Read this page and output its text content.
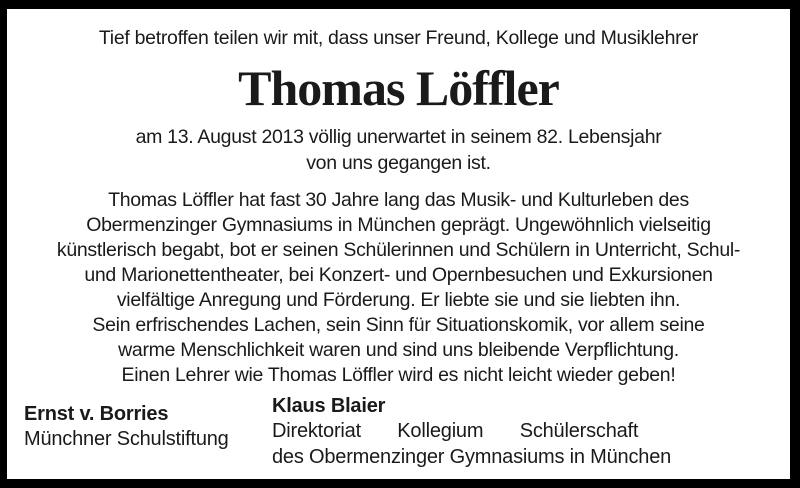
Tief betroffen teilen wir mit, dass unser Freund, Kollege und Musiklehrer
Thomas Löffler
am 13. August 2013 völlig unerwartet in seinem 82. Lebensjahr
von uns gegangen ist.
Thomas Löffler hat fast 30 Jahre lang das Musik- und Kulturleben des
Obermenzinger Gymnasiums in München geprägt. Ungewöhnlich vielseitig
künstlerisch begabt, bot er seinen Schülerinnen und Schülern in Unterricht, Schul-
und Marionettentheater, bei Konzert- und Opernbesuchen und Exkursionen
vielfältige Anregung und Förderung. Er liebte sie und sie liebten ihn.
Sein erfrischendes Lachen, sein Sinn für Situationskomik, vor allem seine
warme Menschlichkeit waren und sind uns bleibende Verpflichtung.
Einen Lehrer wie Thomas Löffler wird es nicht leicht wieder geben!
Ernst v. Borries
Münchner Schulstiftung
Klaus Blaier
Direktoriat Kollegium Schülerschaft
des Obermenzinger Gymnasiums in München
